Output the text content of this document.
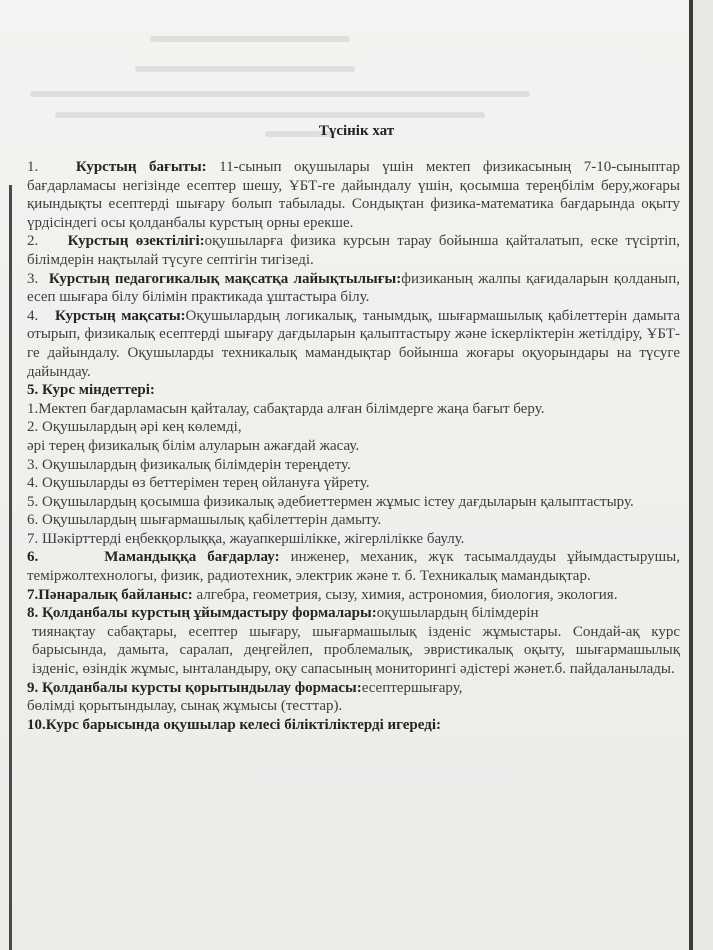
Түсінік хат

1.	Курстың бағыты: 11-сынып оқушылары үшін мектеп физикасының 7-10-сыныптар бағдарламасы негізінде есептер шешу, ҰБТ-ге дайындалу үшін, қосымша тереңбілім беру,жоғары қиындықты есептерді шығару болып табылады. Сондықтан физика-математика бағдарында оқыту үрдісіндегі осы қолданбалы курстың орны ерекше.

2. Курстың өзектілігі:оқушыларға физика курсын тарау бойынша қайталатып, еске түсіртіп, білімдерін нақтылай түсуге септігін тигізеді.

3. Курстың педагогикалық мақсатқа лайықтылығы:физиканың жалпы қағидаларын қолданып, есеп шығара білу білімін практикада ұштастыра білу.

4. Курстың мақсаты:Оқушылардың логикалық, танымдық, шығармашылық қабілеттерін дамыта отырып, физикалық есептерді шығару дағдыларын қалыптастыру және іскерліктерін жетілдіру, ҰБТ-ге дайындалу. Оқушыларды техникалық мамандықтар бойынша жоғары оқуорындары на түсуге дайындау.

5. Курс міндеттері:

1.Мектеп бағдарламасын қайталау, сабақтарда алған білімдерге жаңа бағыт беру.

2. Оқушылардың әрі кең көлемді,

әрі терең физикалық білім алуларын ажағдай жасау.

3. Оқушылардың физикалық білімдерін тереңдету.

4. Оқушыларды өз беттерімен терең ойлануға үйрету.

5. Оқушылардың қосымша физикалық әдебиеттермен жұмыс істеу дағдыларын қалыптастыру.

6. Оқушылардың шығармашылық қабілеттерін дамыту.

7. Шәкірттерді еңбекқорлыққа, жауапкершілікке, жігерлілікке баулу.

6.	Мамандыққа бағдарлау: инженер, механик, жүк тасымалдауды ұйымдастырушы, теміржолтехнологы, физик, радиотехник, электрик және т. б. Техникалық мамандықтар.

7.Пәнаралық байланыс: алгебра, геометрия, сызу, химия, астрономия, биология, экология.

8. Қолданбалы курстың ұйымдастыру формалары:оқушылардың білімдерін

тиянақтау сабақтары, есептер шығару, шығармашылық ізденіс жұмыстары. Сондай-ақ курс барысында, дамыта, саралап, деңгейлеп, проблемалық, эвристикалық оқыту, шығармашылық ізденіс, өзіндік жұмыс, ынталандыру, оқу сапасының мониторингі әдістері жәнет.б. пайдаланылады.

9. Қолданбалы курсты қорытындылау формасы:есептершығару,

бөлімді қорытындылау, сынақ жұмысы (тесттар).

10.Курс барысында оқушылар келесі біліктіліктерді игереді:
